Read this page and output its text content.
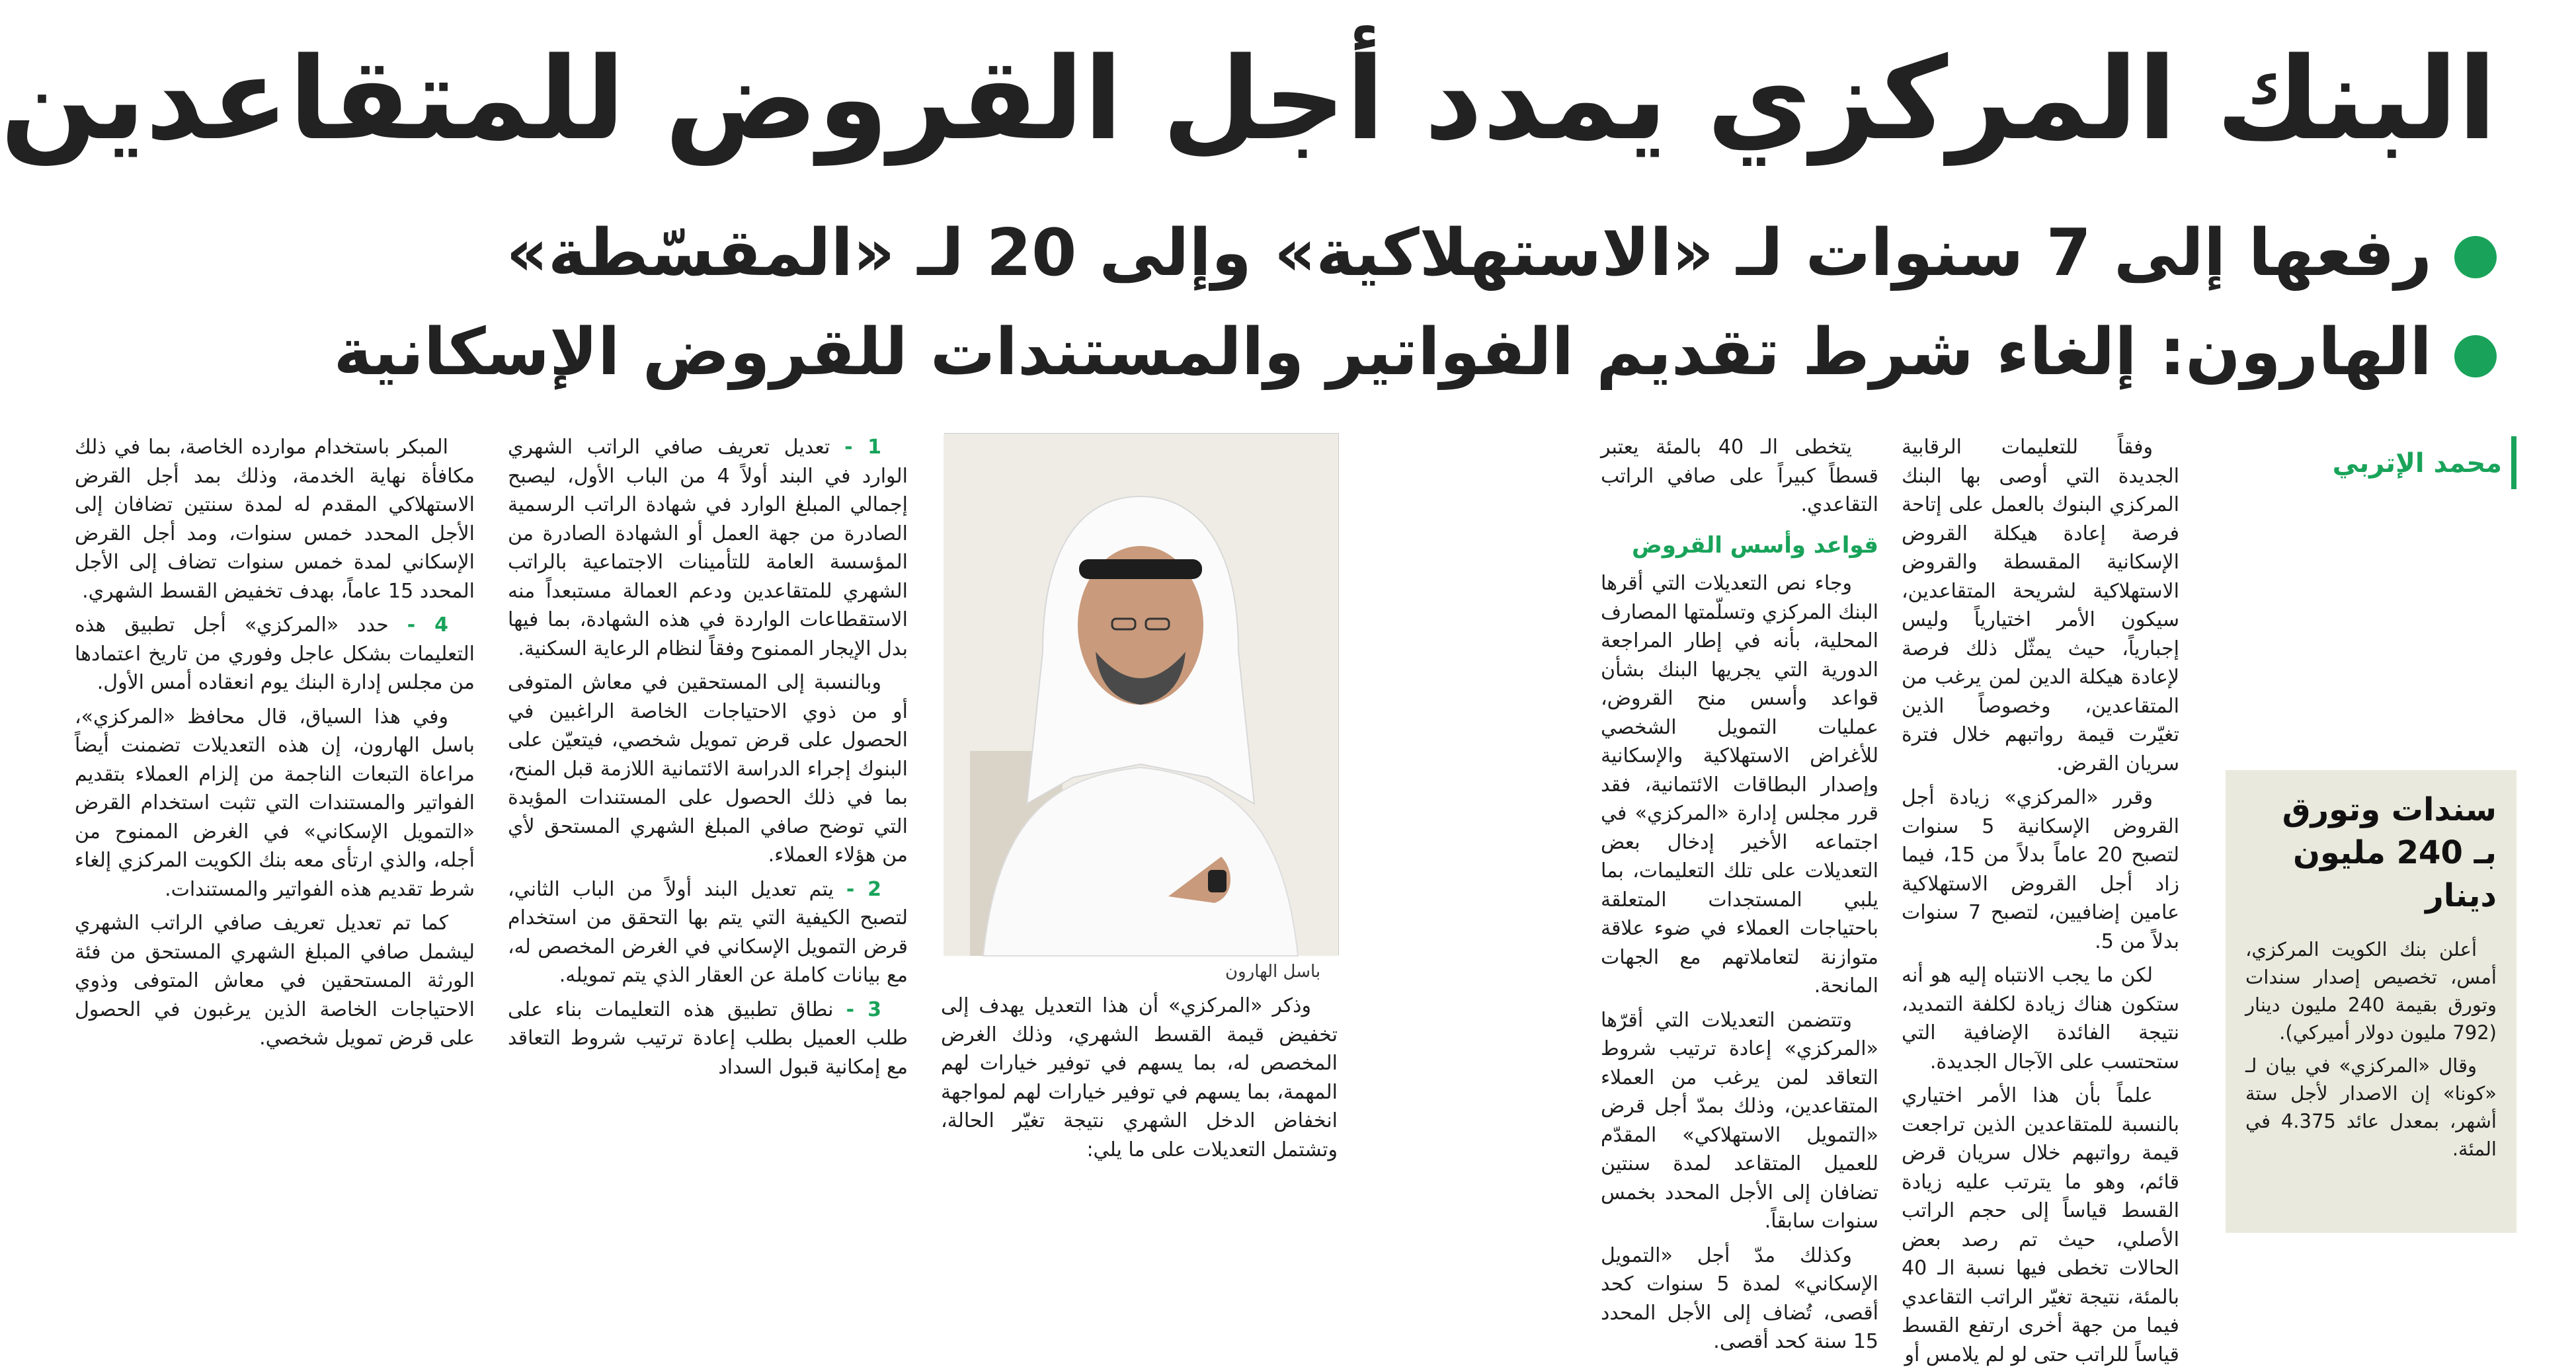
البنك المركزي يمدد أجل القروض للمتقاعدين
رفعها إلى 7 سنوات لـ «الاستهلاكية» وإلى 20 لـ «المقسّطة»
الهارون: إلغاء شرط تقديم الفواتير والمستندات للقروض الإسكانية
محمد الإتربي
سندات وتورق
بـ 240 مليون دينار

أعلن بنك الكويت المركزي، أمس، تخصيص إصدار سندات وتورق بقيمة 240 مليون دينار (792 مليون دولار أميركي).

وقال «المركزي» في بيان لـ «كونا» إن الاصدار لأجل ستة أشهر، بمعدل عائد 4.375 في المئة.

وفقاً للتعليمات الرقابية الجديدة التي أوصى بها البنك المركزي البنوك بالعمل على إتاحة فرصة إعادة هيكلة القروض الإسكانية المقسطة والقروض الاستهلاكية لشريحة المتقاعدين، سيكون الأمر اختيارياً وليس إجبارياً، حيث يمثّل ذلك فرصة لإعادة هيكلة الدين لمن يرغب من المتقاعدين، وخصوصاً الذين تغيّرت قيمة رواتبهم خلال فترة سريان القرض.

وقرر «المركزي» زيادة أجل القروض الإسكانية 5 سنوات لتصبح 20 عاماً بدلاً من 15، فيما زاد أجل القروض الاستهلاكية عامين إضافيين، لتصبح 7 سنوات بدلاً من 5.

لكن ما يجب الانتباه إليه هو أنه ستكون هناك زيادة لكلفة التمديد، نتيجة الفائدة الإضافية التي ستحتسب على الآجال الجديدة.

علماً بأن هذا الأمر اختياري بالنسبة للمتقاعدين الذين تراجعت قيمة رواتبهم خلال سريان قرض قائم، وهو ما يترتب عليه زيادة القسط قياساً إلى حجم الراتب الأصلي، حيث تم رصد بعض الحالات تخطى فيها نسبة الـ 40 بالمئة، نتيجة تغيّر الراتب التقاعدي فيما من جهة أخرى ارتفع القسط قياساً للراتب حتى لو لم يلامس أو

يتخطى الـ 40 بالمئة يعتبر قسطاً كبيراً على صافي الراتب التقاعدي.

قواعد وأسس القروض

وجاء نص التعديلات التي أقرها البنك المركزي وتسلّمتها المصارف المحلية، بأنه في إطار المراجعة الدورية التي يجريها البنك بشأن قواعد وأسس منح القروض، عمليات التمويل الشخصي للأغراض الاستهلاكية والإسكانية وإصدار البطاقات الائتمانية، فقد قرر مجلس إدارة «المركزي» في اجتماعه الأخير إدخال بعض التعديلات على تلك التعليمات، بما يلبي المستجدات المتعلقة باحتياجات العملاء في ضوء علاقة متوازنة لتعاملاتهم مع الجهات المانحة.

وتتضمن التعديلات التي أقرّها «المركزي» إعادة ترتيب شروط التعاقد لمن يرغب من العملاء المتقاعدين، وذلك بمدّ أجل قرض «التمويل الاستهلاكي» المقدّم للعميل المتقاعد لمدة سنتين تضافان إلى الأجل المحدد بخمس سنوات سابقاً.

وكذلك مدّ أجل «التمويل الإسكاني» لمدة 5 سنوات كحد أقصى، تُضاف إلى الأجل المحدد 15 سنة كحد أقصى.

باسل الهارون

وذكر «المركزي» أن هذا التعديل يهدف إلى تخفيض قيمة القسط الشهري، وذلك الغرض المخصص له، بما يسهم في توفير خيارات لهم المهمة، بما يسهم في توفير خيارات لهم لمواجهة انخفاض الدخل الشهري نتيجة تغيّر الحالة، وتشتمل التعديلات على ما يلي:

1 - تعديل تعريف صافي الراتب الشهري الوارد في البند أولاً 4 من الباب الأول، ليصبح إجمالي المبلغ الوارد في شهادة الراتب الرسمية الصادرة من جهة العمل أو الشهادة الصادرة من المؤسسة العامة للتأمينات الاجتماعية بالراتب الشهري للمتقاعدين ودعم العمالة مستبعداً منه الاستقطاعات الواردة في هذه الشهادة، بما فيها بدل الإيجار الممنوح وفقاً لنظام الرعاية السكنية.

وبالنسبة إلى المستحقين في معاش المتوفى أو من ذوي الاحتياجات الخاصة الراغبين في الحصول على قرض تمويل شخصي، فيتعيّن على البنوك إجراء الدراسة الائتمانية اللازمة قبل المنح، بما في ذلك الحصول على المستندات المؤيدة التي توضح صافي المبلغ الشهري المستحق لأي من هؤلاء العملاء.

2 - يتم تعديل البند أولاً من الباب الثاني، لتصبح الكيفية التي يتم بها التحقق من استخدام قرض التمويل الإسكاني في الغرض المخصص له، مع بيانات كاملة عن العقار الذي يتم تمويله.

3 - نطاق تطبيق هذه التعليمات بناء على طلب العميل بطلب إعادة ترتيب شروط التعاقد مع إمكانية قبول السداد

المبكر باستخدام موارده الخاصة، بما في ذلك مكافأة نهاية الخدمة، وذلك بمد أجل القرض الاستهلاكي المقدم له لمدة سنتين تضافان إلى الأجل المحدد خمس سنوات، ومد أجل القرض الإسكاني لمدة خمس سنوات تضاف إلى الأجل المحدد 15 عاماً، بهدف تخفيض القسط الشهري.

4 - حدد «المركزي» أجل تطبيق هذه التعليمات بشكل عاجل وفوري من تاريخ اعتمادها من مجلس إدارة البنك يوم انعقاده أمس الأول.

وفي هذا السياق، قال محافظ «المركزي»، باسل الهارون، إن هذه التعديلات تضمنت أيضاً مراعاة التبعات الناجمة من إلزام العملاء بتقديم الفواتير والمستندات التي تثبت استخدام القرض «التمويل الإسكاني» في الغرض الممنوح من أجله، والذي ارتأى معه بنك الكويت المركزي إلغاء شرط تقديم هذه الفواتير والمستندات.

كما تم تعديل تعريف صافي الراتب الشهري ليشمل صافي المبلغ الشهري المستحق من فئة الورثة المستحقين في معاش المتوفى وذوي الاحتياجات الخاصة الذين يرغبون في الحصول على قرض تمويل شخصي.
